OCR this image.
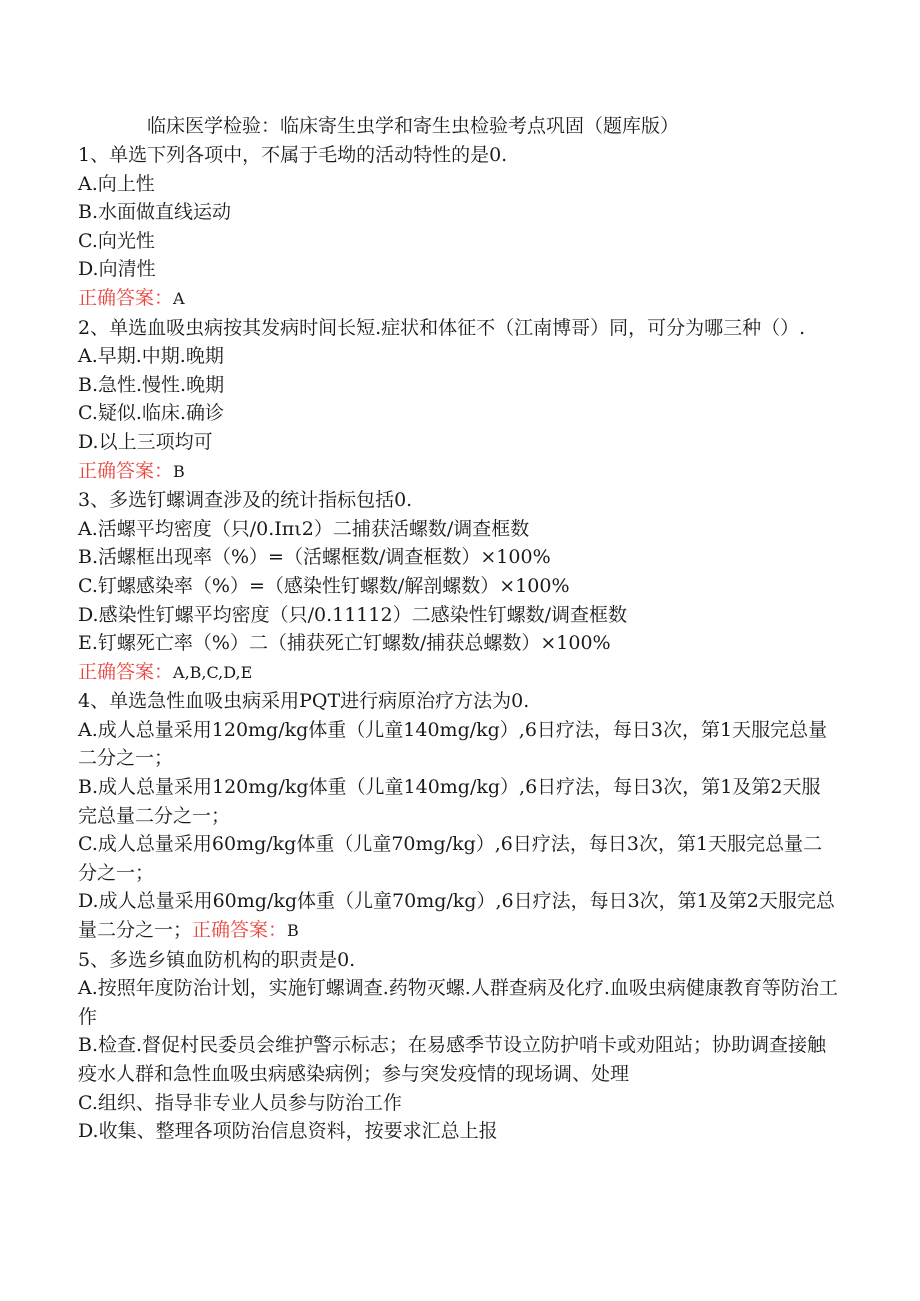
临床医学检验：临床寄生虫学和寄生虫检验考点巩固（题库版）

1、单选下列各项中，不属于毛坳的活动特性的是0.

A.向上性

B.水面做直线运动

C.向光性

D.向清性

正确答案：A

2、单选血吸虫病按其发病时间长短.症状和体征不（江南博哥）同，可分为哪三种（）.

A.早期.中期.晚期

B.急性.慢性.晚期

C.疑似.临床.确诊

D.以上三项均可

正确答案：B

3、多选钉螺调查涉及的统计指标包括0.

A.活螺平均密度（只/0.Iπι2）二捕获活螺数/调查框数

B.活螺框出现率（%）=（活螺框数/调查框数）×100%

C.钉螺感染率（%）=（感染性钉螺数/解剖螺数）×100%

D.感染性钉螺平均密度（只/0.11112）二感染性钉螺数/调查框数

E.钉螺死亡率（%）二（捕获死亡钉螺数/捕获总螺数）×100%

正确答案：A,B,C,D,E

4、单选急性血吸虫病采用PQT进行病原治疗方法为0.

A.成人总量采用120mg/kg体重（儿童140mg/kg）,6日疗法，每日3次，第1天服完总量二分之一；

B.成人总量采用120mg/kg体重（儿童140mg/kg）,6日疗法，每日3次，第1及第2天服完总量二分之一；

C.成人总量采用60mg/kg体重（儿童70mg/kg）,6日疗法，每日3次，第1天服完总量二分之一；

D.成人总量采用60mg/kg体重（儿童70mg/kg）,6日疗法，每日3次，第1及第2天服完总量二分之一；正确答案：B

5、多选乡镇血防机构的职责是0.

A.按照年度防治计划，实施钉螺调查.药物灭螺.人群查病及化疗.血吸虫病健康教育等防治工作

B.检查.督促村民委员会维护警示标志；在易感季节设立防护哨卡或劝阻站；协助调查接触疫水人群和急性血吸虫病感染病例；参与突发疫情的现场调、处理

C.组织、指导非专业人员参与防治工作

D.收集、整理各项防治信息资料，按要求汇总上报
